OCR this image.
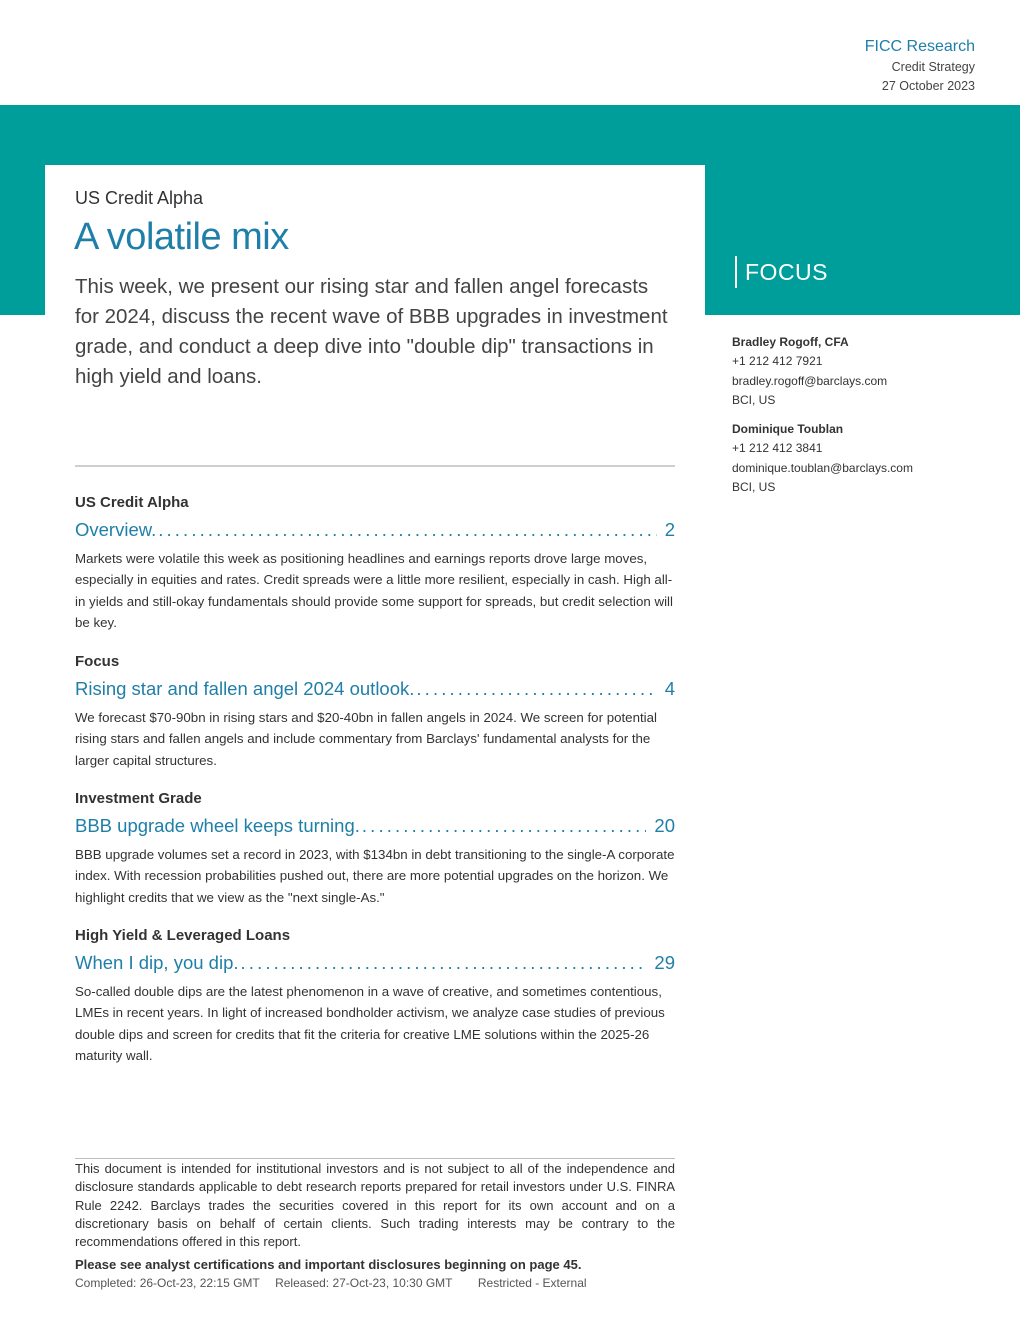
FICC Research
Credit Strategy
27 October 2023
US Credit Alpha
A volatile mix
This week, we present our rising star and fallen angel forecasts for 2024, discuss the recent wave of BBB upgrades in investment grade, and conduct a deep dive into "double dip" transactions in high yield and loans.
FOCUS
Bradley Rogoff, CFA
+1 212 412 7921
bradley.rogoff@barclays.com
BCI, US
Dominique Toublan
+1 212 412 3841
dominique.toublan@barclays.com
BCI, US
US Credit Alpha
Overview. . . .	2
Markets were volatile this week as positioning headlines and earnings reports drove large moves, especially in equities and rates. Credit spreads were a little more resilient, especially in cash. High all-in yields and still-okay fundamentals should provide some support for spreads, but credit selection will be key.
Focus
Rising star and fallen angel 2024 outlook. . . .	4
We forecast $70-90bn in rising stars and $20-40bn in fallen angels in 2024. We screen for potential rising stars and fallen angels and include commentary from Barclays' fundamental analysts for the larger capital structures.
Investment Grade
BBB upgrade wheel keeps turning. . . .	20
BBB upgrade volumes set a record in 2023, with $134bn in debt transitioning to the single-A corporate index. With recession probabilities pushed out, there are more potential upgrades on the horizon. We highlight credits that we view as the "next single-As."
High Yield & Leveraged Loans
When I dip, you dip. . . .	29
So-called double dips are the latest phenomenon in a wave of creative, and sometimes contentious, LMEs in recent years. In light of increased bondholder activism, we analyze case studies of previous double dips and screen for credits that fit the criteria for creative LME solutions within the 2025-26 maturity wall.
This document is intended for institutional investors and is not subject to all of the independence and disclosure standards applicable to debt research reports prepared for retail investors under U.S. FINRA Rule 2242. Barclays trades the securities covered in this report for its own account and on a discretionary basis on behalf of certain clients. Such trading interests may be contrary to the recommendations offered in this report.
Please see analyst certifications and important disclosures beginning on page 45.
Completed: 26-Oct-23, 22:15 GMT Released: 27-Oct-23, 10:30 GMT Restricted - External
